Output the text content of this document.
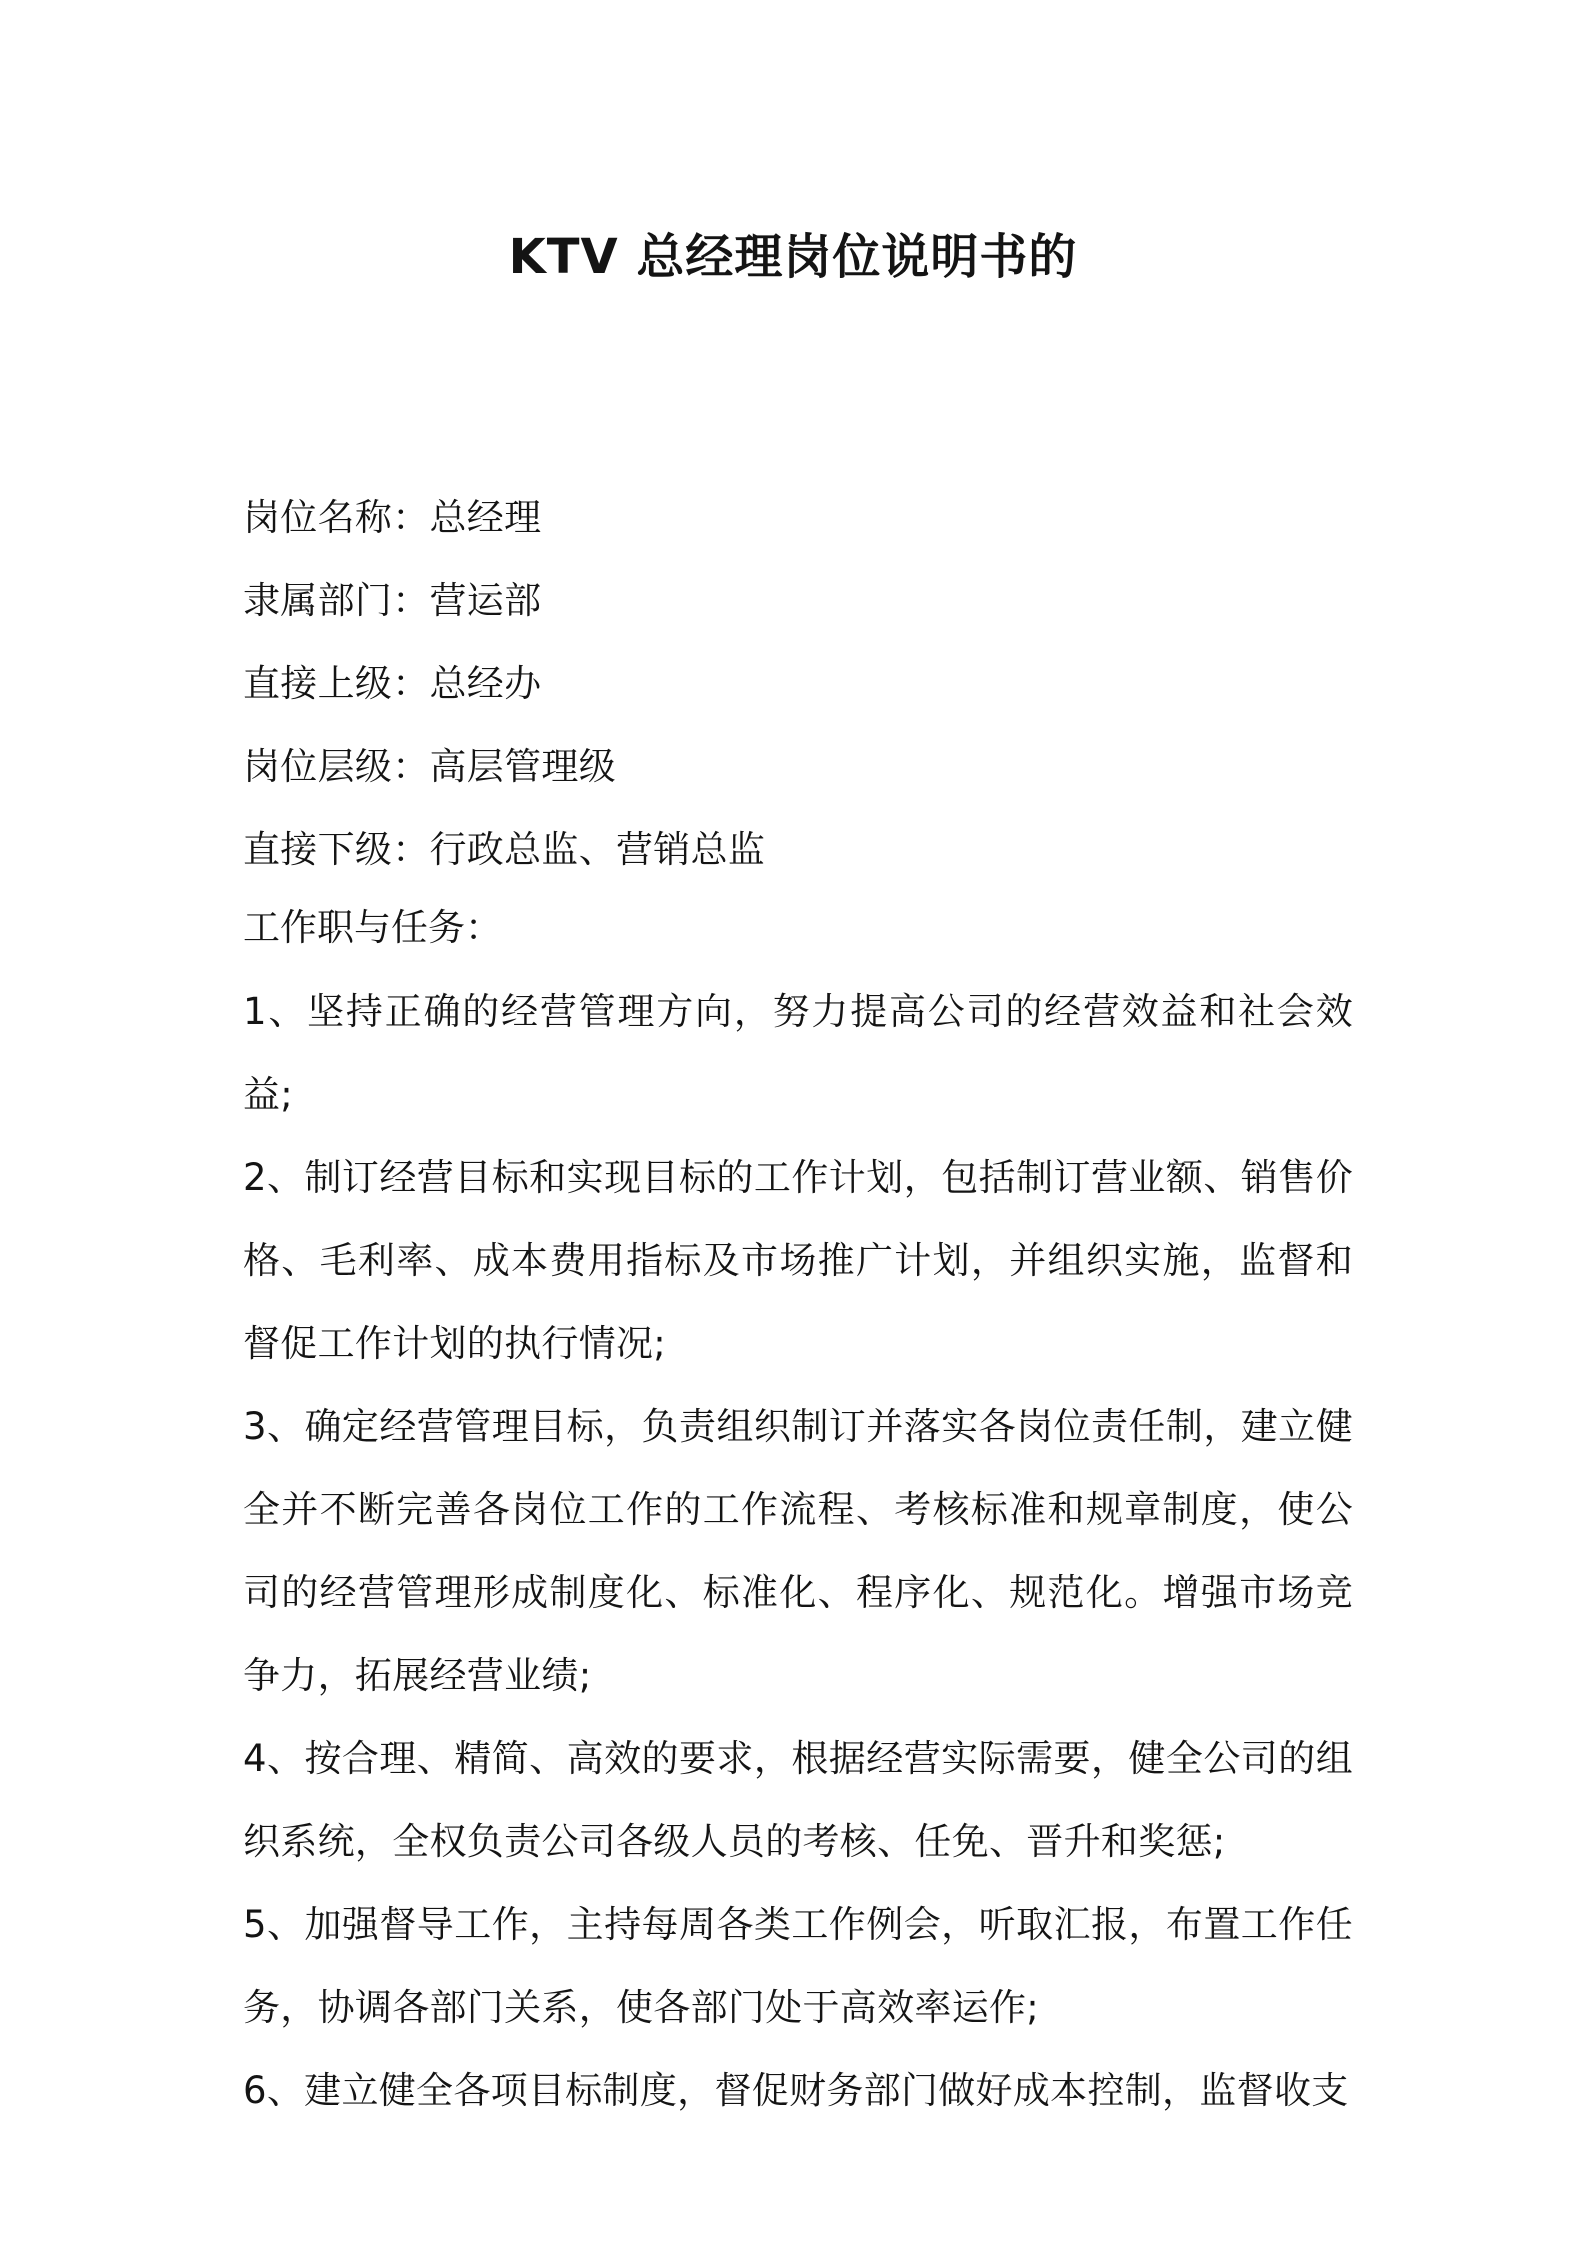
KTV 总经理岗位说明书的
岗位名称：总经理
隶属部门：营运部
直接上级：总经办
岗位层级：高层管理级
直接下级：行政总监、营销总监
工作职与任务：

1、坚持正确的经营管理方向，努力提高公司的经营效益和社会效益;

2、制订经营目标和实现目标的工作计划，包括制订营业额、销售价格、毛利率、成本费用指标及市场推广计划，并组织实施，监督和督促工作计划的执行情况;

3、确定经营管理目标，负责组织制订并落实各岗位责任制，建立健全并不断完善各岗位工作的工作流程、考核标准和规章制度，使公司的经营管理形成制度化、标准化、程序化、规范化。增强市场竞争力，拓展经营业绩;

4、按合理、精简、高效的要求，根据经营实际需要，健全公司的组织系统，全权负责公司各级人员的考核、任免、晋升和奖惩;

5、加强督导工作，主持每周各类工作例会，听取汇报，布置工作任务，协调各部门关系，使各部门处于高效率运作;

6、建立健全各项目标制度，督促财务部门做好成本控制，监督收支
